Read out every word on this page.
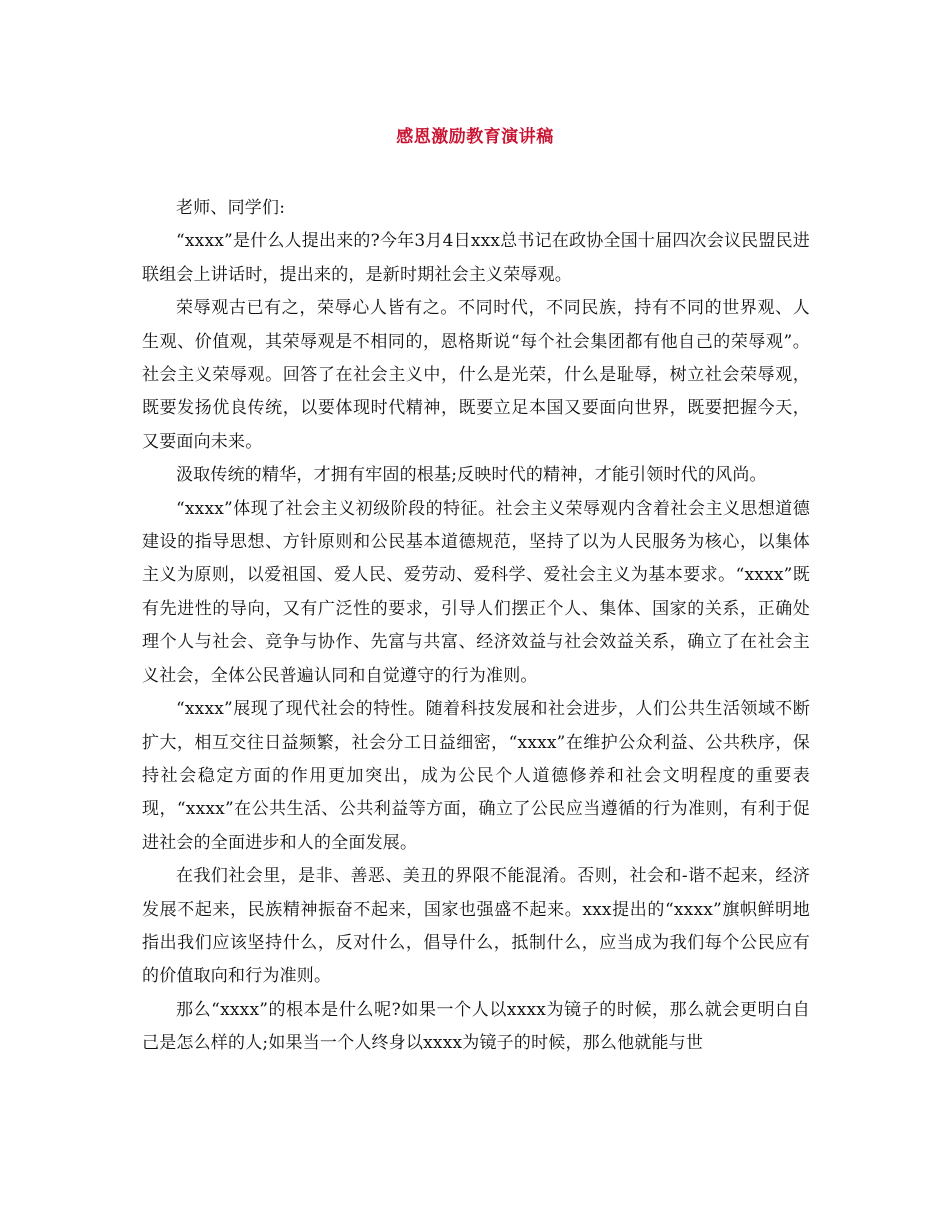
感恩激励教育演讲稿

老师、同学们:

“xxxx”是什么人提出来的?今年3月4日xxx总书记在政协全国十届四次会议民盟民进联组会上讲话时，提出来的，是新时期社会主义荣辱观。

荣辱观古已有之，荣辱心人皆有之。不同时代，不同民族，持有不同的世界观、人生观、价值观，其荣辱观是不相同的，恩格斯说“每个社会集团都有他自己的荣辱观”。社会主义荣辱观。回答了在社会主义中，什么是光荣，什么是耻辱，树立社会荣辱观，既要发扬优良传统，以要体现时代精神，既要立足本国又要面向世界，既要把握今天，又要面向未来。

汲取传统的精华，才拥有牢固的根基;反映时代的精神，才能引领时代的风尚。

“xxxx”体现了社会主义初级阶段的特征。社会主义荣辱观内含着社会主义思想道德建设的指导思想、方针原则和公民基本道德规范，坚持了以为人民服务为核心，以集体主义为原则，以爱祖国、爱人民、爱劳动、爱科学、爱社会主义为基本要求。“xxxx”既有先进性的导向，又有广泛性的要求，引导人们摆正个人、集体、国家的关系，正确处理个人与社会、竞争与协作、先富与共富、经济效益与社会效益关系，确立了在社会主义社会，全体公民普遍认同和自觉遵守的行为准则。

“xxxx”展现了现代社会的特性。随着科技发展和社会进步，人们公共生活领域不断扩大，相互交往日益频繁，社会分工日益细密，“xxxx”在维护公众利益、公共秩序，保持社会稳定方面的作用更加突出，成为公民个人道德修养和社会文明程度的重要表现，“xxxx”在公共生活、公共利益等方面，确立了公民应当遵循的行为准则，有利于促进社会的全面进步和人的全面发展。

在我们社会里，是非、善恶、美丑的界限不能混淆。否则，社会和-谐不起来，经济发展不起来，民族精神振奋不起来，国家也强盛不起来。xxx提出的“xxxx”旗帜鲜明地指出我们应该坚持什么，反对什么，倡导什么，抵制什么，应当成为我们每个公民应有的价值取向和行为准则。

那么“xxxx”的根本是什么呢?如果一个人以xxxx为镜子的时候，那么就会更明白自己是怎么样的人;如果当一个人终身以xxxx为镜子的时候，那么他就能与世
